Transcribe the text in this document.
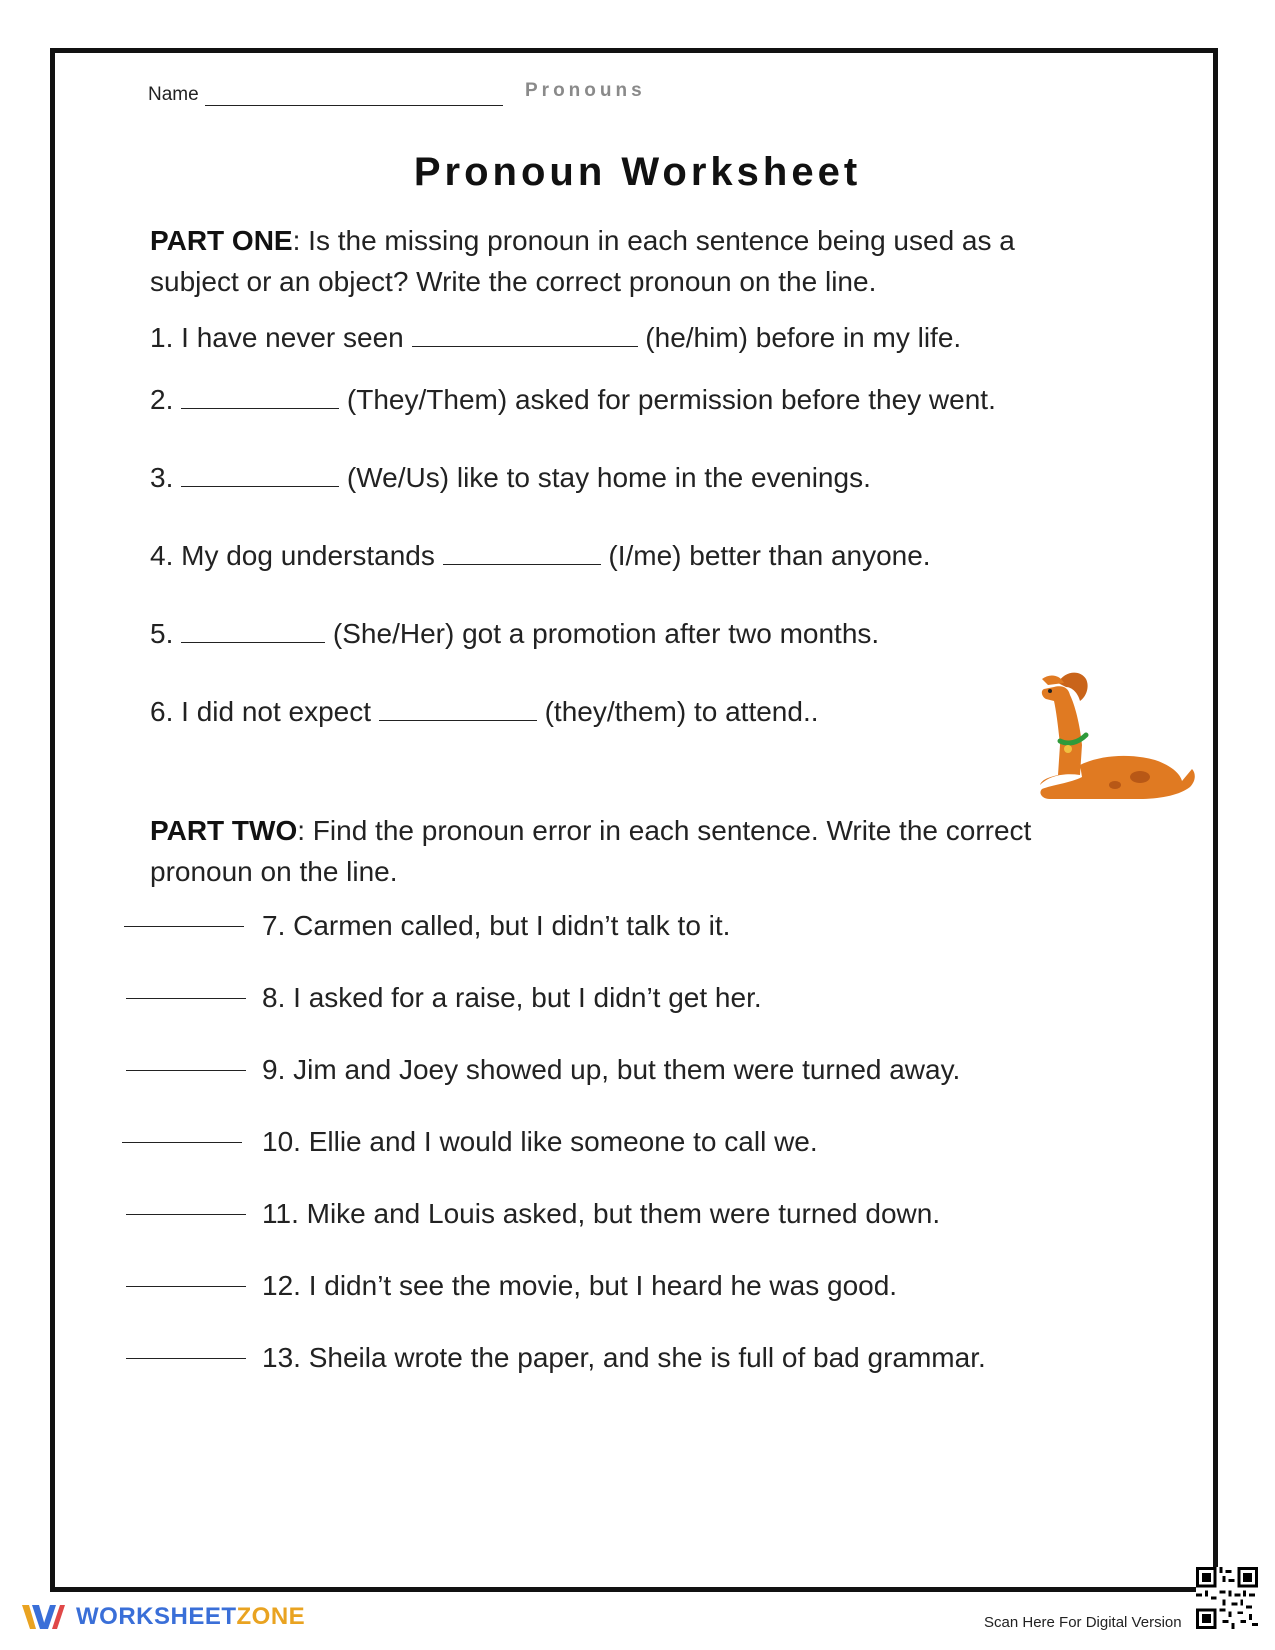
Name	Pronouns
Pronoun Worksheet
PART ONE: Is the missing pronoun in each sentence being used as a subject or an object? Write the correct pronoun on the line.
1. I have never seen	(he/him) before in my life.
2.	(They/Them) asked for permission before they went.
3.	(We/Us) like to stay home in the evenings.
4. My dog understands	(I/me) better than anyone.
5.	(She/Her) got a promotion after two months.
6. I did not expect	(they/them) to attend..
PART TWO: Find the pronoun error in each sentence. Write the correct pronoun on the line.
7. Carmen called, but I didn’t talk to it.
8. I asked for a raise, but I didn’t get her.
9. Jim and Joey showed up, but them were turned away.
10. Ellie and I would like someone to call we.
11. Mike and Louis asked, but them were turned down.
12. I didn’t see the movie, but I heard he was good.
13. Sheila wrote the paper, and she is full of bad grammar.
WORKSHEETZONE	Scan Here For Digital Version
